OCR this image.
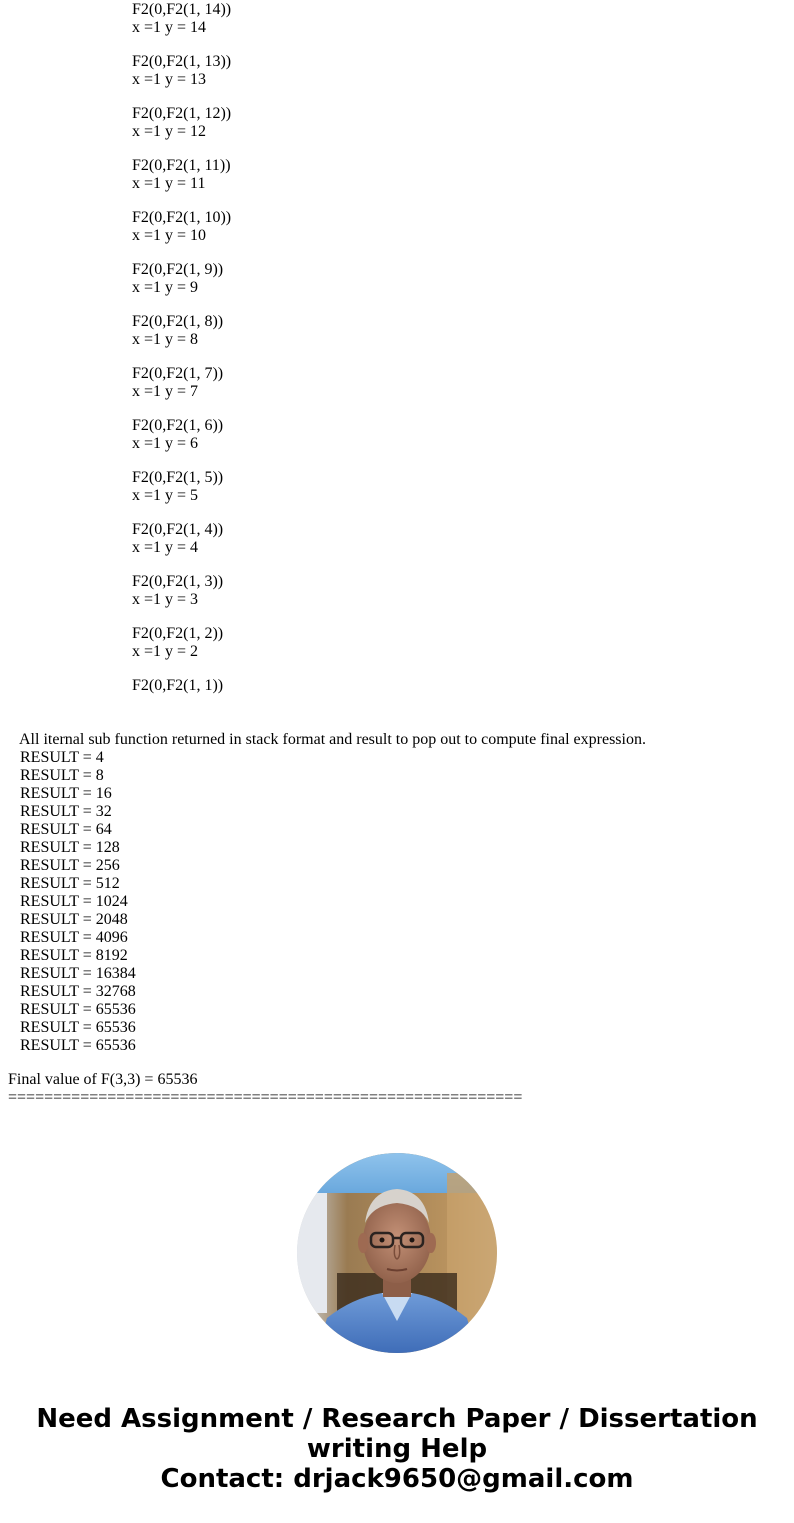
F2(0,F2(1, 14))
x =1 y = 14
F2(0,F2(1, 13))
x =1 y = 13
F2(0,F2(1, 12))
x =1 y = 12
F2(0,F2(1, 11))
x =1 y = 11
F2(0,F2(1, 10))
x =1 y = 10
F2(0,F2(1, 9))
x =1 y = 9
F2(0,F2(1, 8))
x =1 y = 8
F2(0,F2(1, 7))
x =1 y = 7
F2(0,F2(1, 6))
x =1 y = 6
F2(0,F2(1, 5))
x =1 y = 5
F2(0,F2(1, 4))
x =1 y = 4
F2(0,F2(1, 3))
x =1 y = 3
F2(0,F2(1, 2))
x =1 y = 2
F2(0,F2(1, 1))
All iternal sub function returned in stack format and result to pop out to compute final expression.
RESULT = 4
RESULT = 8
RESULT = 16
RESULT = 32
RESULT = 64
RESULT = 128
RESULT = 256
RESULT = 512
RESULT = 1024
RESULT = 2048
RESULT = 4096
RESULT = 8192
RESULT = 16384
RESULT = 32768
RESULT = 65536
RESULT = 65536
RESULT = 65536
Final value of F(3,3) = 65536
=========================================================
Need Assignment / Research Paper / Dissertation
writing Help
Contact: drjack9650@gmail.com
